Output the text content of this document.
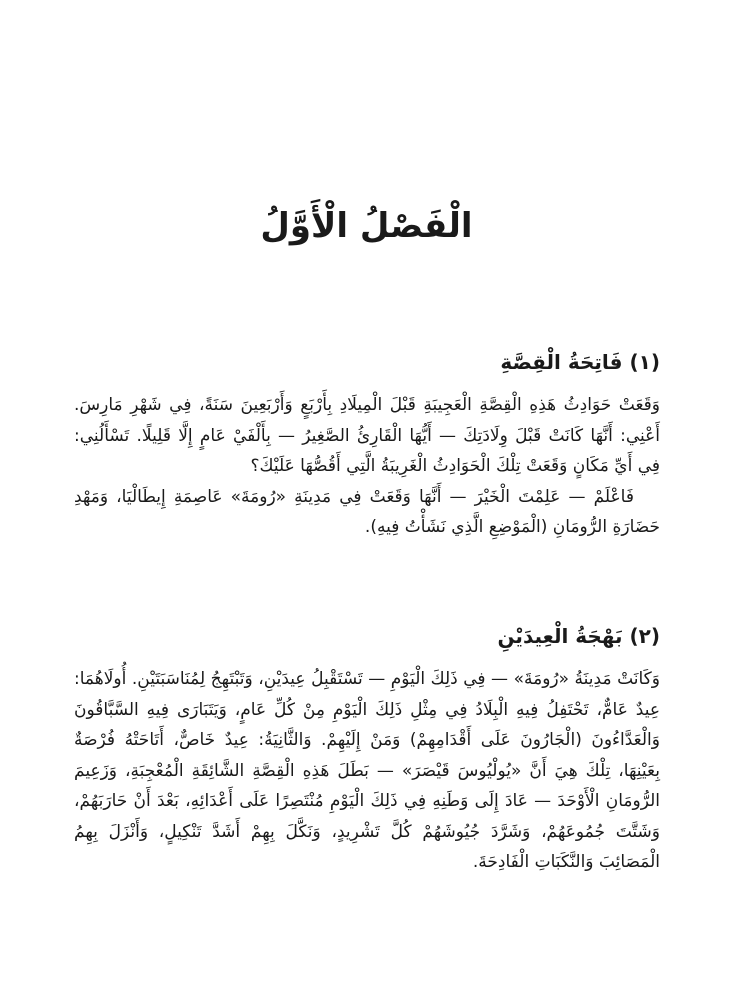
الْفَصْلُ الْأَوَّلُ
(١) فَاتِحَةُ الْقِصَّةِ

وَقَعَتْ حَوَادِثُ هَذِهِ الْقِصَّةِ الْعَجِيبَةِ قَبْلَ الْمِيلَادِ بِأَرْبَعٍ وَأَرْبَعِينَ سَنَةً، فِي شَهْرِ مَارِسَ. أَعْنِي: أَنَّهَا كَانَتْ قَبْلَ وِلَادَتِكَ — أَيُّهَا الْقَارِئُ الصَّغِيرُ — بِأَلْفَيْ عَامٍ إِلَّا قَلِيلًا. تَسْأَلُنِي: فِي أَيِّ مَكَانٍ وَقَعَتْ تِلْكَ الْحَوَادِثُ الْغَرِيبَةُ الَّتِي أَقُصُّهَا عَلَيْكَ؟

فَاعْلَمْ — عَلِمْتَ الْخَيْرَ — أَنَّهَا وَقَعَتْ فِي مَدِينَةِ «رُومَةَ» عَاصِمَةِ إِيطَالْيَا، وَمَهْدِ حَضَارَةِ الرُّومَانِ (الْمَوْضِعِ الَّذِي نَشَأْتُ فِيهِ).

(٢) بَهْجَةُ الْعِيدَيْنِ

وَكَانَتْ مَدِينَةُ «رُومَةَ» — فِي ذَلِكَ الْيَوْمِ — تَسْتَقْبِلُ عِيدَيْنِ، وَتَبْتَهِجُ لِمُنَاسَبَتَيْنِ. أُولَاهُمَا: عِيدٌ عَامٌّ، تَحْتَفِلُ فِيهِ الْبِلَادُ فِي مِثْلِ ذَلِكَ الْيَوْمِ مِنْ كُلِّ عَامٍ، وَيَتَبَارَى فِيهِ السَّبَّاقُونَ وَالْعَدَّاءُونَ (الْجَارُونَ عَلَى أَقْدَامِهِمْ) وَمَنْ إِلَيْهِمْ. وَالثَّانِيَةُ: عِيدٌ خَاصٌّ، أَتَاحَتْهُ فُرْصَةٌ بِعَيْنِهَا، تِلْكَ هِيَ أَنَّ «يُولْيُوسَ قَيْصَرَ» — بَطَلَ هَذِهِ الْقِصَّةِ الشَّائِقَةِ الْمُعْجِبَةِ، وَزَعِيمَ الرُّومَانِ الْأَوْحَدَ — عَادَ إِلَى وَطَنِهِ فِي ذَلِكَ الْيَوْمِ مُنْتَصِرًا عَلَى أَعْدَائِهِ، بَعْدَ أَنْ حَارَبَهُمْ، وَشَتَّتَ جُمُوعَهُمْ، وَشَرَّدَ جُيُوشَهُمْ كُلَّ تَشْرِيدٍ، وَنَكَّلَ بِهِمْ أَشَدَّ تَنْكِيلٍ، وَأَنْزَلَ بِهِمُ الْمَصَائِبَ وَالنَّكَبَاتِ الْفَادِحَةَ.
